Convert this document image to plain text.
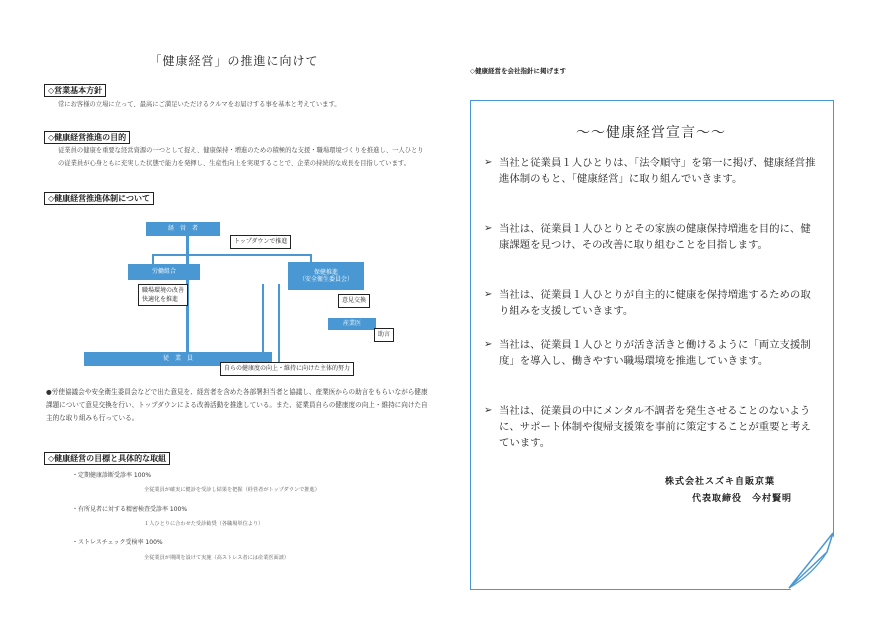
「健康経営」の推進に向けて
◇営業基本方針

常にお客様の立場に立って、最高にご満足いただけるクルマをお届けする事を基本と考えています。

◇健康経営推進の目的

従業員の健康を重要な経営資源の一つとして捉え、健康保持・増進のための積極的な支援・職場環境づくりを推進し、一人ひとりの従業員が心身ともに充実した状態で能力を発揮し、生産性向上を実現することで、企業の持続的な成長を目指しています。

◇健康経営推進体制について
経　営　者
トップダウンで推進
労働組合
職場環境の改善
快適化を推進
保健推進
（安全衛生委員会）
意見交換
産業医
助言
従　業　員
自らの健康度の向上・維持に向けた主体的努力
●労使協議会や安全衛生委員会などで出た意見を、経営者を含めた各部署担当者と協議し、産業医からの助言をもらいながら健康課題について意見交換を行い、トップダウンによる改善活動を推進している。また、従業員自らの健康度の向上・維持に向けた自主的な取り組みも行っている。
◇健康経営の目標と具体的な取組
・定期健康診断受診率 100%
全従業員が確実に健診を受診し結果を把握（経営者がトップダウンで推進）
・有所見者に対する精密検査受診率 100%
１人ひとりに合わせた受診勧奨（各職場単位より）
・ストレスチェック受検率 100%
全従業員が期間を設けて実施（高ストレス者には産業医面談）
◇健康経営を会社指針に掲げます
〜〜健康経営宣言〜〜
➢ 当社と従業員１人ひとりは、「法令順守」を第一に掲げ、健康経営推進体制のもと、「健康経営」に取り組んでいきます。
➢ 当社は、従業員１人ひとりとその家族の健康保持増進を目的に、健康課題を見つけ、その改善に取り組むことを目指します。
➢ 当社は、従業員１人ひとりが自主的に健康を保持増進するための取り組みを支援していきます。
➢ 当社は、従業員１人ひとりが活き活きと働けるように「両立支援制度」を導入し、働きやすい職場環境を推進していきます。
➢ 当社は、従業員の中にメンタル不調者を発生させることのないように、サポート体制や復帰支援策を事前に策定することが重要と考えています。
株式会社スズキ自販京葉
代表取締役　今村賢明
